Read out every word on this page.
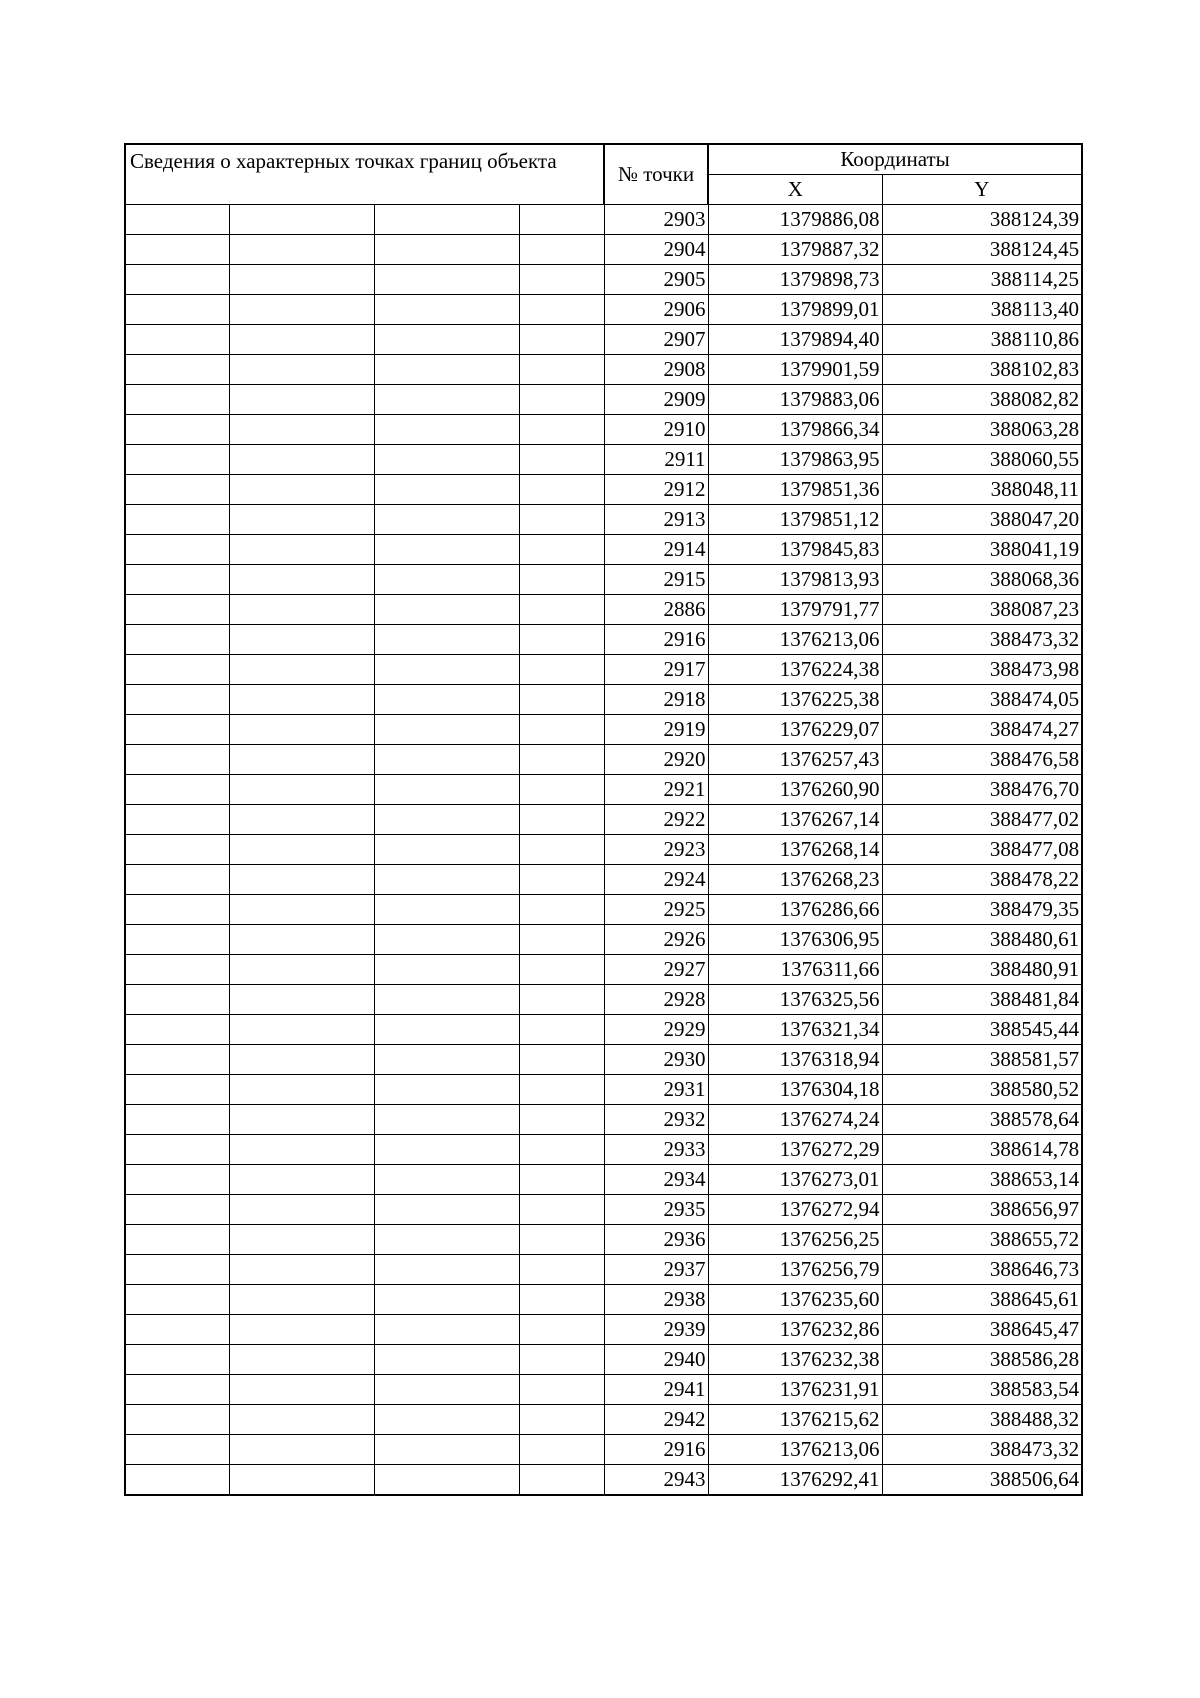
Сведения о характерных точках границ объекта				№ точки	Координаты	
					X	Y
				2903	1379886,08	388124,39
				2904	1379887,32	388124,45
				2905	1379898,73	388114,25
				2906	1379899,01	388113,40
				2907	1379894,40	388110,86
				2908	1379901,59	388102,83
				2909	1379883,06	388082,82
				2910	1379866,34	388063,28
				2911	1379863,95	388060,55
				2912	1379851,36	388048,11
				2913	1379851,12	388047,20
				2914	1379845,83	388041,19
				2915	1379813,93	388068,36
				2886	1379791,77	388087,23
				2916	1376213,06	388473,32
				2917	1376224,38	388473,98
				2918	1376225,38	388474,05
				2919	1376229,07	388474,27
				2920	1376257,43	388476,58
				2921	1376260,90	388476,70
				2922	1376267,14	388477,02
				2923	1376268,14	388477,08
				2924	1376268,23	388478,22
				2925	1376286,66	388479,35
				2926	1376306,95	388480,61
				2927	1376311,66	388480,91
				2928	1376325,56	388481,84
				2929	1376321,34	388545,44
				2930	1376318,94	388581,57
				2931	1376304,18	388580,52
				2932	1376274,24	388578,64
				2933	1376272,29	388614,78
				2934	1376273,01	388653,14
				2935	1376272,94	388656,97
				2936	1376256,25	388655,72
				2937	1376256,79	388646,73
				2938	1376235,60	388645,61
				2939	1376232,86	388645,47
				2940	1376232,38	388586,28
				2941	1376231,91	388583,54
				2942	1376215,62	388488,32
				2916	1376213,06	388473,32
				2943	1376292,41	388506,64
